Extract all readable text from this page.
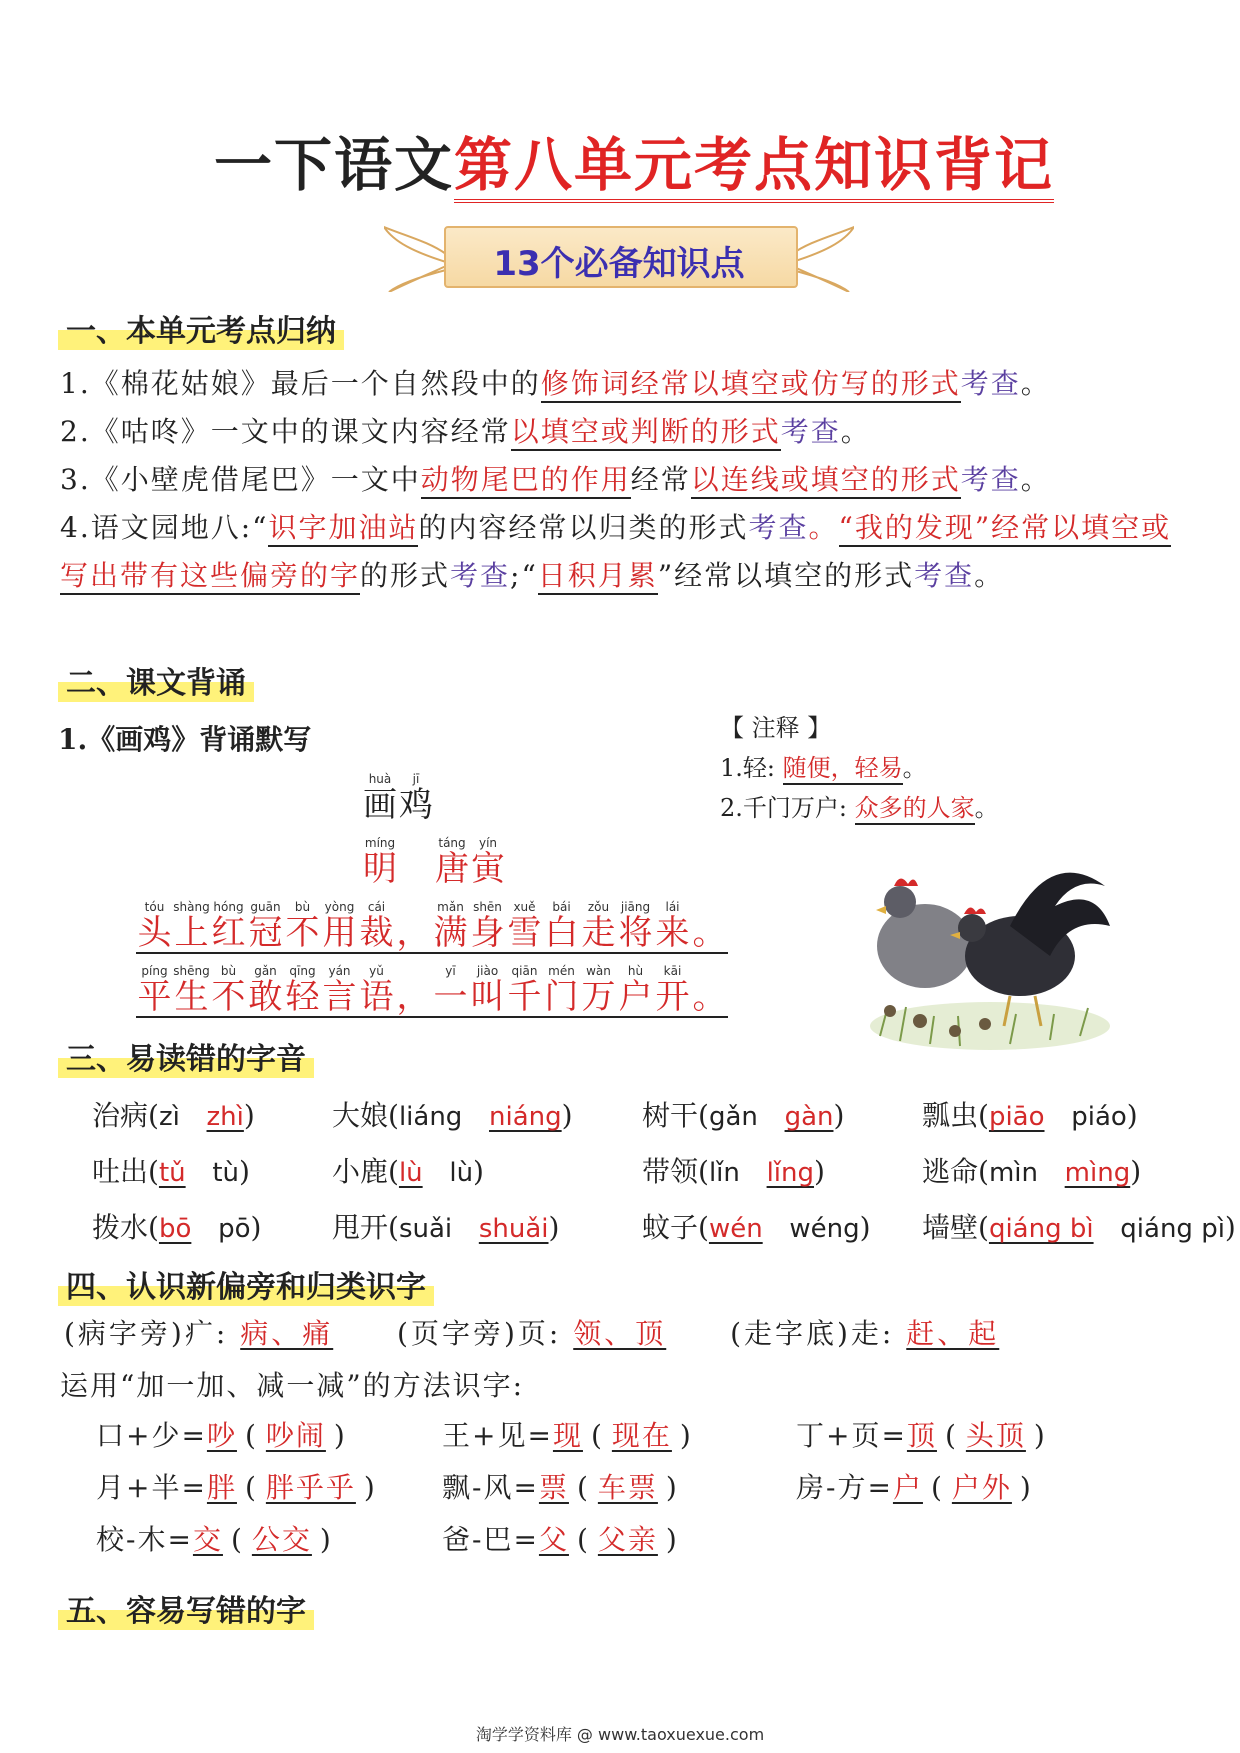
一下语文第八单元考点知识背记
13个必备知识点
一、本单元考点归纳

1.《棉花姑娘》最后一个自然段中的修饰词经常以填空或仿写的形式考查。

2.《咕咚》一文中的课文内容经常以填空或判断的形式考查。

3.《小壁虎借尾巴》一文中动物尾巴的作用经常以连线或填空的形式考查。

4.语文园地八:“识字加油站的内容经常以归类的形式考查。“我的发现”经常以填空或写出带有这些偏旁的字的形式考查;“日积月累”经常以填空的形式考查。

二、课文背诵
1.《画鸡》背诵默写
huà
画
jī
鸡
míng
明

táng
唐
yín
寅
tóu
头
shàng
上
hóng
红
guān
冠
bù
不
yòng
用
cái
裁
，
mǎn
满
shēn
身
xuě
雪
bái
白
zǒu
走
jiāng
将
lái
来
。
píng
平
shēng
生
bù
不
gǎn
敢
qīng
轻
yán
言
yǔ
语
，
yī
一
jiào
叫
qiān
千
mén
门
wàn
万
hù
户
kāi
开
。
【 注释 】
1.轻: 随便，轻易。
2.千门万户: 众多的人家。
三、易读错的字音
治病(zì zhì)	大娘(liáng niáng) 树干(gǎn gàn)	瓢虫(piāo piáo)
吐出(tǔ tù)	小鹿(lù lù)	带领(lǐn lǐng)	逃命(mìn mìng)
拨水(bō pō)	甩开(suǎi shuǎi)	蚊子(wén wéng) 墙壁(qiáng bì qiáng pì)
四、认识新偏旁和归类识字
(病字旁)疒: 病、痛 (页字旁)页: 领、顶 (走字底)走: 赶、起
运用“加一加、减一减”的方法识字:
口+少=吵 ( 吵闹 )	王+见=现 ( 现在 )	丁+页=顶 ( 头顶 )
月+半=胖 ( 胖乎乎 ) 飘-风=票 ( 车票 )	房-方=户 ( 户外 )
校-木=交 ( 公交 )	爸-巴=父 ( 父亲 )
五、容易写错的字
淘学学资料库 @ www.taoxuexue.com
